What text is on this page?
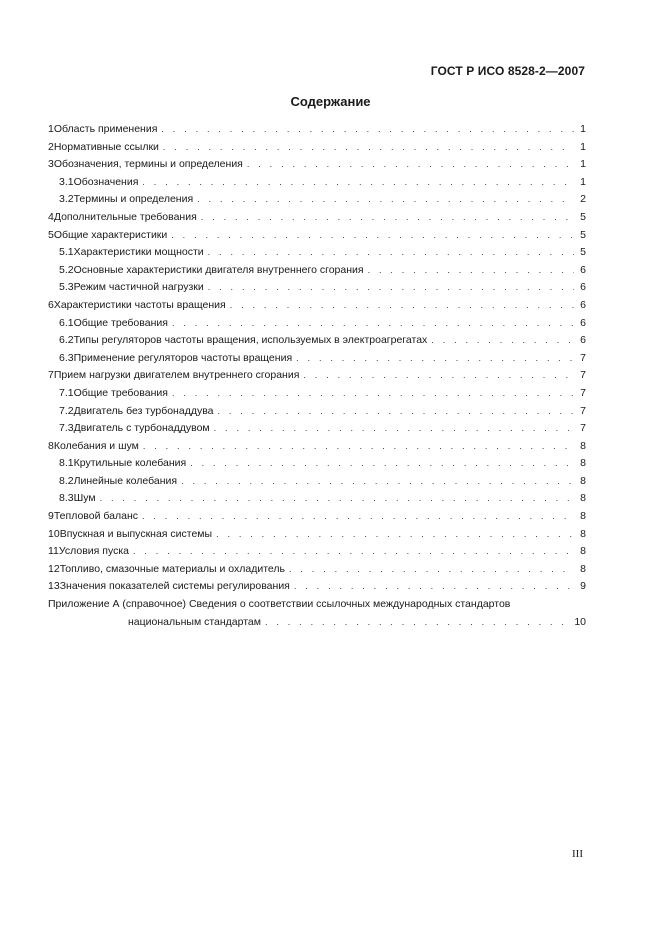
ГОСТ Р ИСО 8528-2—2007
Содержание
1 Область применения . . .	1
2 Нормативные ссылки . . .	1
3 Обозначения, термины и определения . . .	1
3.1 Обозначения . . .	1
3.2 Термины и определения . . .	2
4 Дополнительные требования . . .	5
5 Общие характеристики . . .	5
5.1 Характеристики мощности . . .	5
5.2 Основные характеристики двигателя внутреннего сгорания . . .	6
5.3 Режим частичной нагрузки . . .	6
6 Характеристики частоты вращения . . .	6
6.1 Общие требования . . .	6
6.2 Типы регуляторов частоты вращения, используемых в электроагрегатах . . .	6
6.3 Применение регуляторов частоты вращения . . .	7
7 Прием нагрузки двигателем внутреннего сгорания . . .	7
7.1 Общие требования . . .	7
7.2 Двигатель без турбонаддува . . .	7
7.3 Двигатель с турбонаддувом . . .	7
8 Колебания и шум . . .	8
8.1 Крутильные колебания . . .	8
8.2 Линейные колебания . . .	8
8.3 Шум . . .	8
9 Тепловой баланс . . .	8
10 Впускная и выпускная системы . . .	8
11 Условия пуска . . .	8
12 Топливо, смазочные материалы и охладитель . . .	8
13 Значения показателей системы регулирования . . .	9
Приложение А (справочное) Сведения о соответствии ссылочных международных стандартов
национальным стандартам . . .	10
III
